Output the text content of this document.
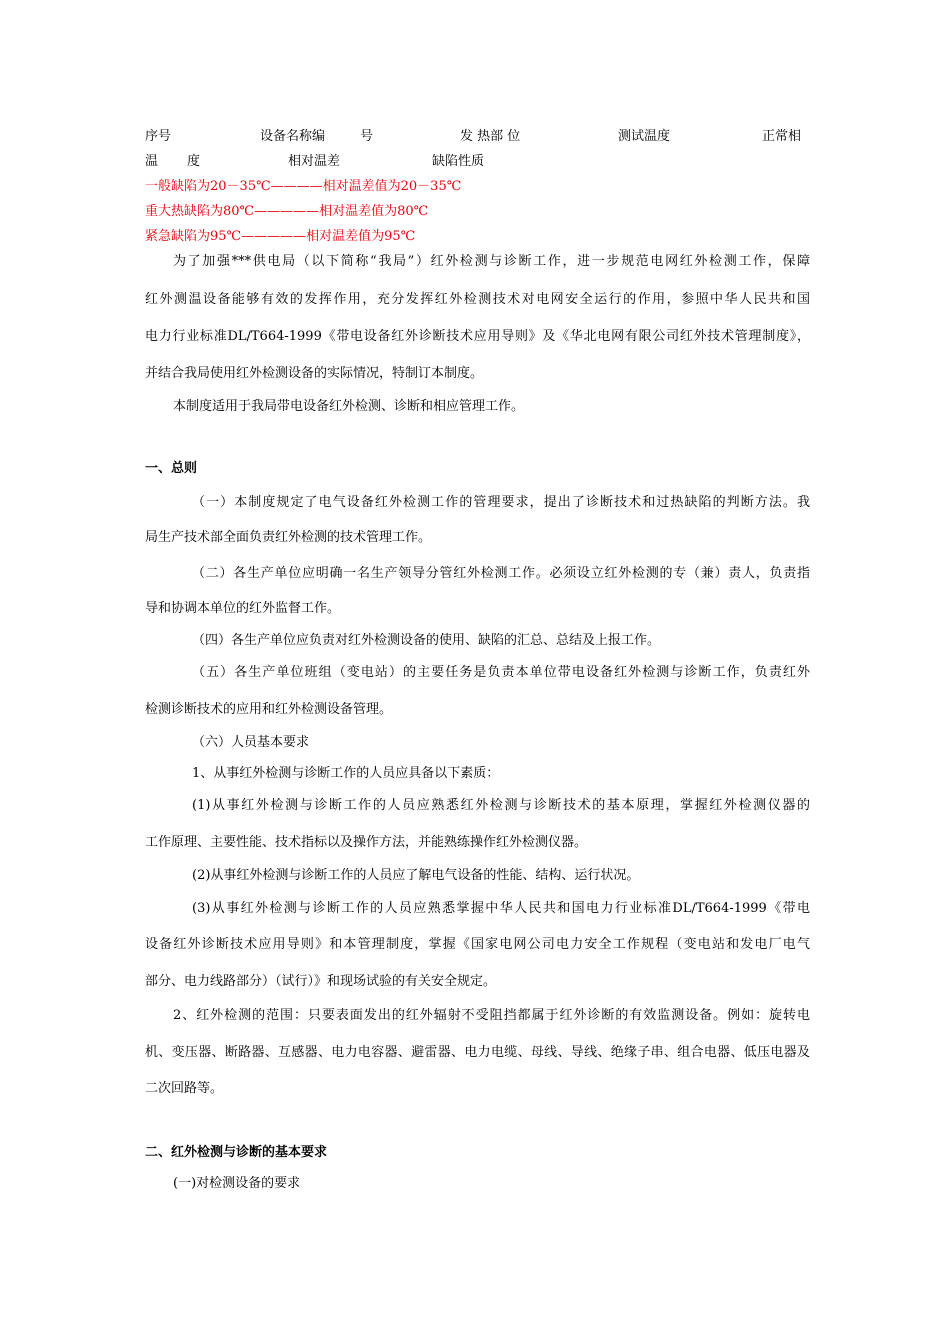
序号	设备名称编	号	发 热部 位	测试温度	正常相
温 度	相对温差	缺陷性质
一般缺陷为20－35℃————相对温差值为20－35℃
重大热缺陷为80℃—————相对温差值为80℃
紧急缺陷为95℃—————相对温差值为95℃
为了加强***供电局（以下简称“我局”）红外检测与诊断工作，进一步规范电网红外检测工作，保障
红外测温设备能够有效的发挥作用，充分发挥红外检测技术对电网安全运行的作用，参照中华人民共和国
电力行业标准DL/T664-1999《带电设备红外诊断技术应用导则》及《华北电网有限公司红外技术管理制度》，
并结合我局使用红外检测设备的实际情况，特制订本制度。
本制度适用于我局带电设备红外检测、诊断和相应管理工作。
一、总则
（一）本制度规定了电气设备红外检测工作的管理要求，提出了诊断技术和过热缺陷的判断方法。我
局生产技术部全面负责红外检测的技术管理工作。
（二）各生产单位应明确一名生产领导分管红外检测工作。必须设立红外检测的专（兼）责人，负责指
导和协调本单位的红外监督工作。
（四）各生产单位应负责对红外检测设备的使用、缺陷的汇总、总结及上报工作。
（五）各生产单位班组（变电站）的主要任务是负责本单位带电设备红外检测与诊断工作，负责红外
检测诊断技术的应用和红外检测设备管理。
（六）人员基本要求
1、从事红外检测与诊断工作的人员应具备以下素质：
(1)从事红外检测与诊断工作的人员应熟悉红外检测与诊断技术的基本原理，掌握红外检测仪器的
工作原理、主要性能、技术指标以及操作方法，并能熟练操作红外检测仪器。
(2)从事红外检测与诊断工作的人员应了解电气设备的性能、结构、运行状况。
(3)从事红外检测与诊断工作的人员应熟悉掌握中华人民共和国电力行业标准DL/T664-1999《带电
设备红外诊断技术应用导则》和本管理制度，掌握《国家电网公司电力安全工作规程（变电站和发电厂电气
部分、电力线路部分）（试行）》和现场试验的有关安全规定。
2、红外检测的范围：只要表面发出的红外辐射不受阻挡都属于红外诊断的有效监测设备。例如：旋转电
机、变压器、断路器、互感器、电力电容器、避雷器、电力电缆、母线、导线、绝缘子串、组合电器、低压电器及
二次回路等。
二、红外检测与诊断的基本要求
(一)对检测设备的要求
